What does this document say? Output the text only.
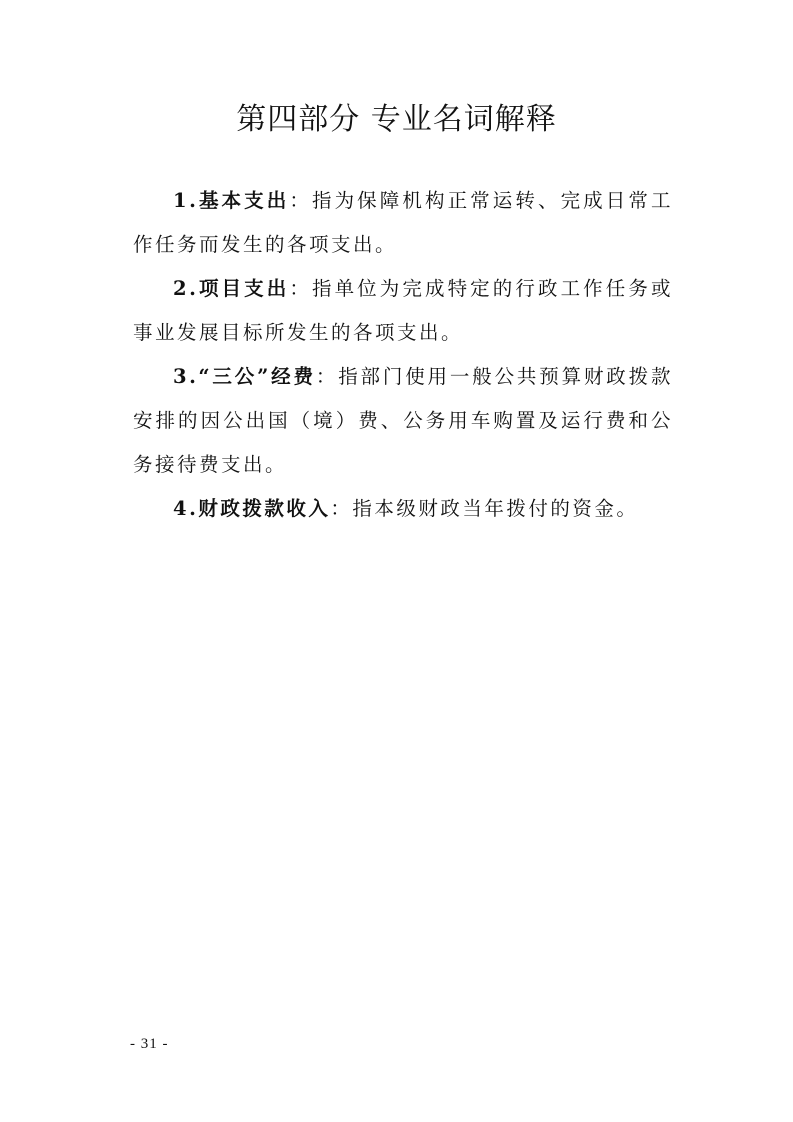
第四部分 专业名词解释

1.基本支出：指为保障机构正常运转、完成日常工作任务而发生的各项支出。

2.项目支出：指单位为完成特定的行政工作任务或事业发展目标所发生的各项支出。

3.“三公”经费：指部门使用一般公共预算财政拨款安排的因公出国（境）费、公务用车购置及运行费和公务接待费支出。

4.财政拨款收入：指本级财政当年拨付的资金。

- 31 -
